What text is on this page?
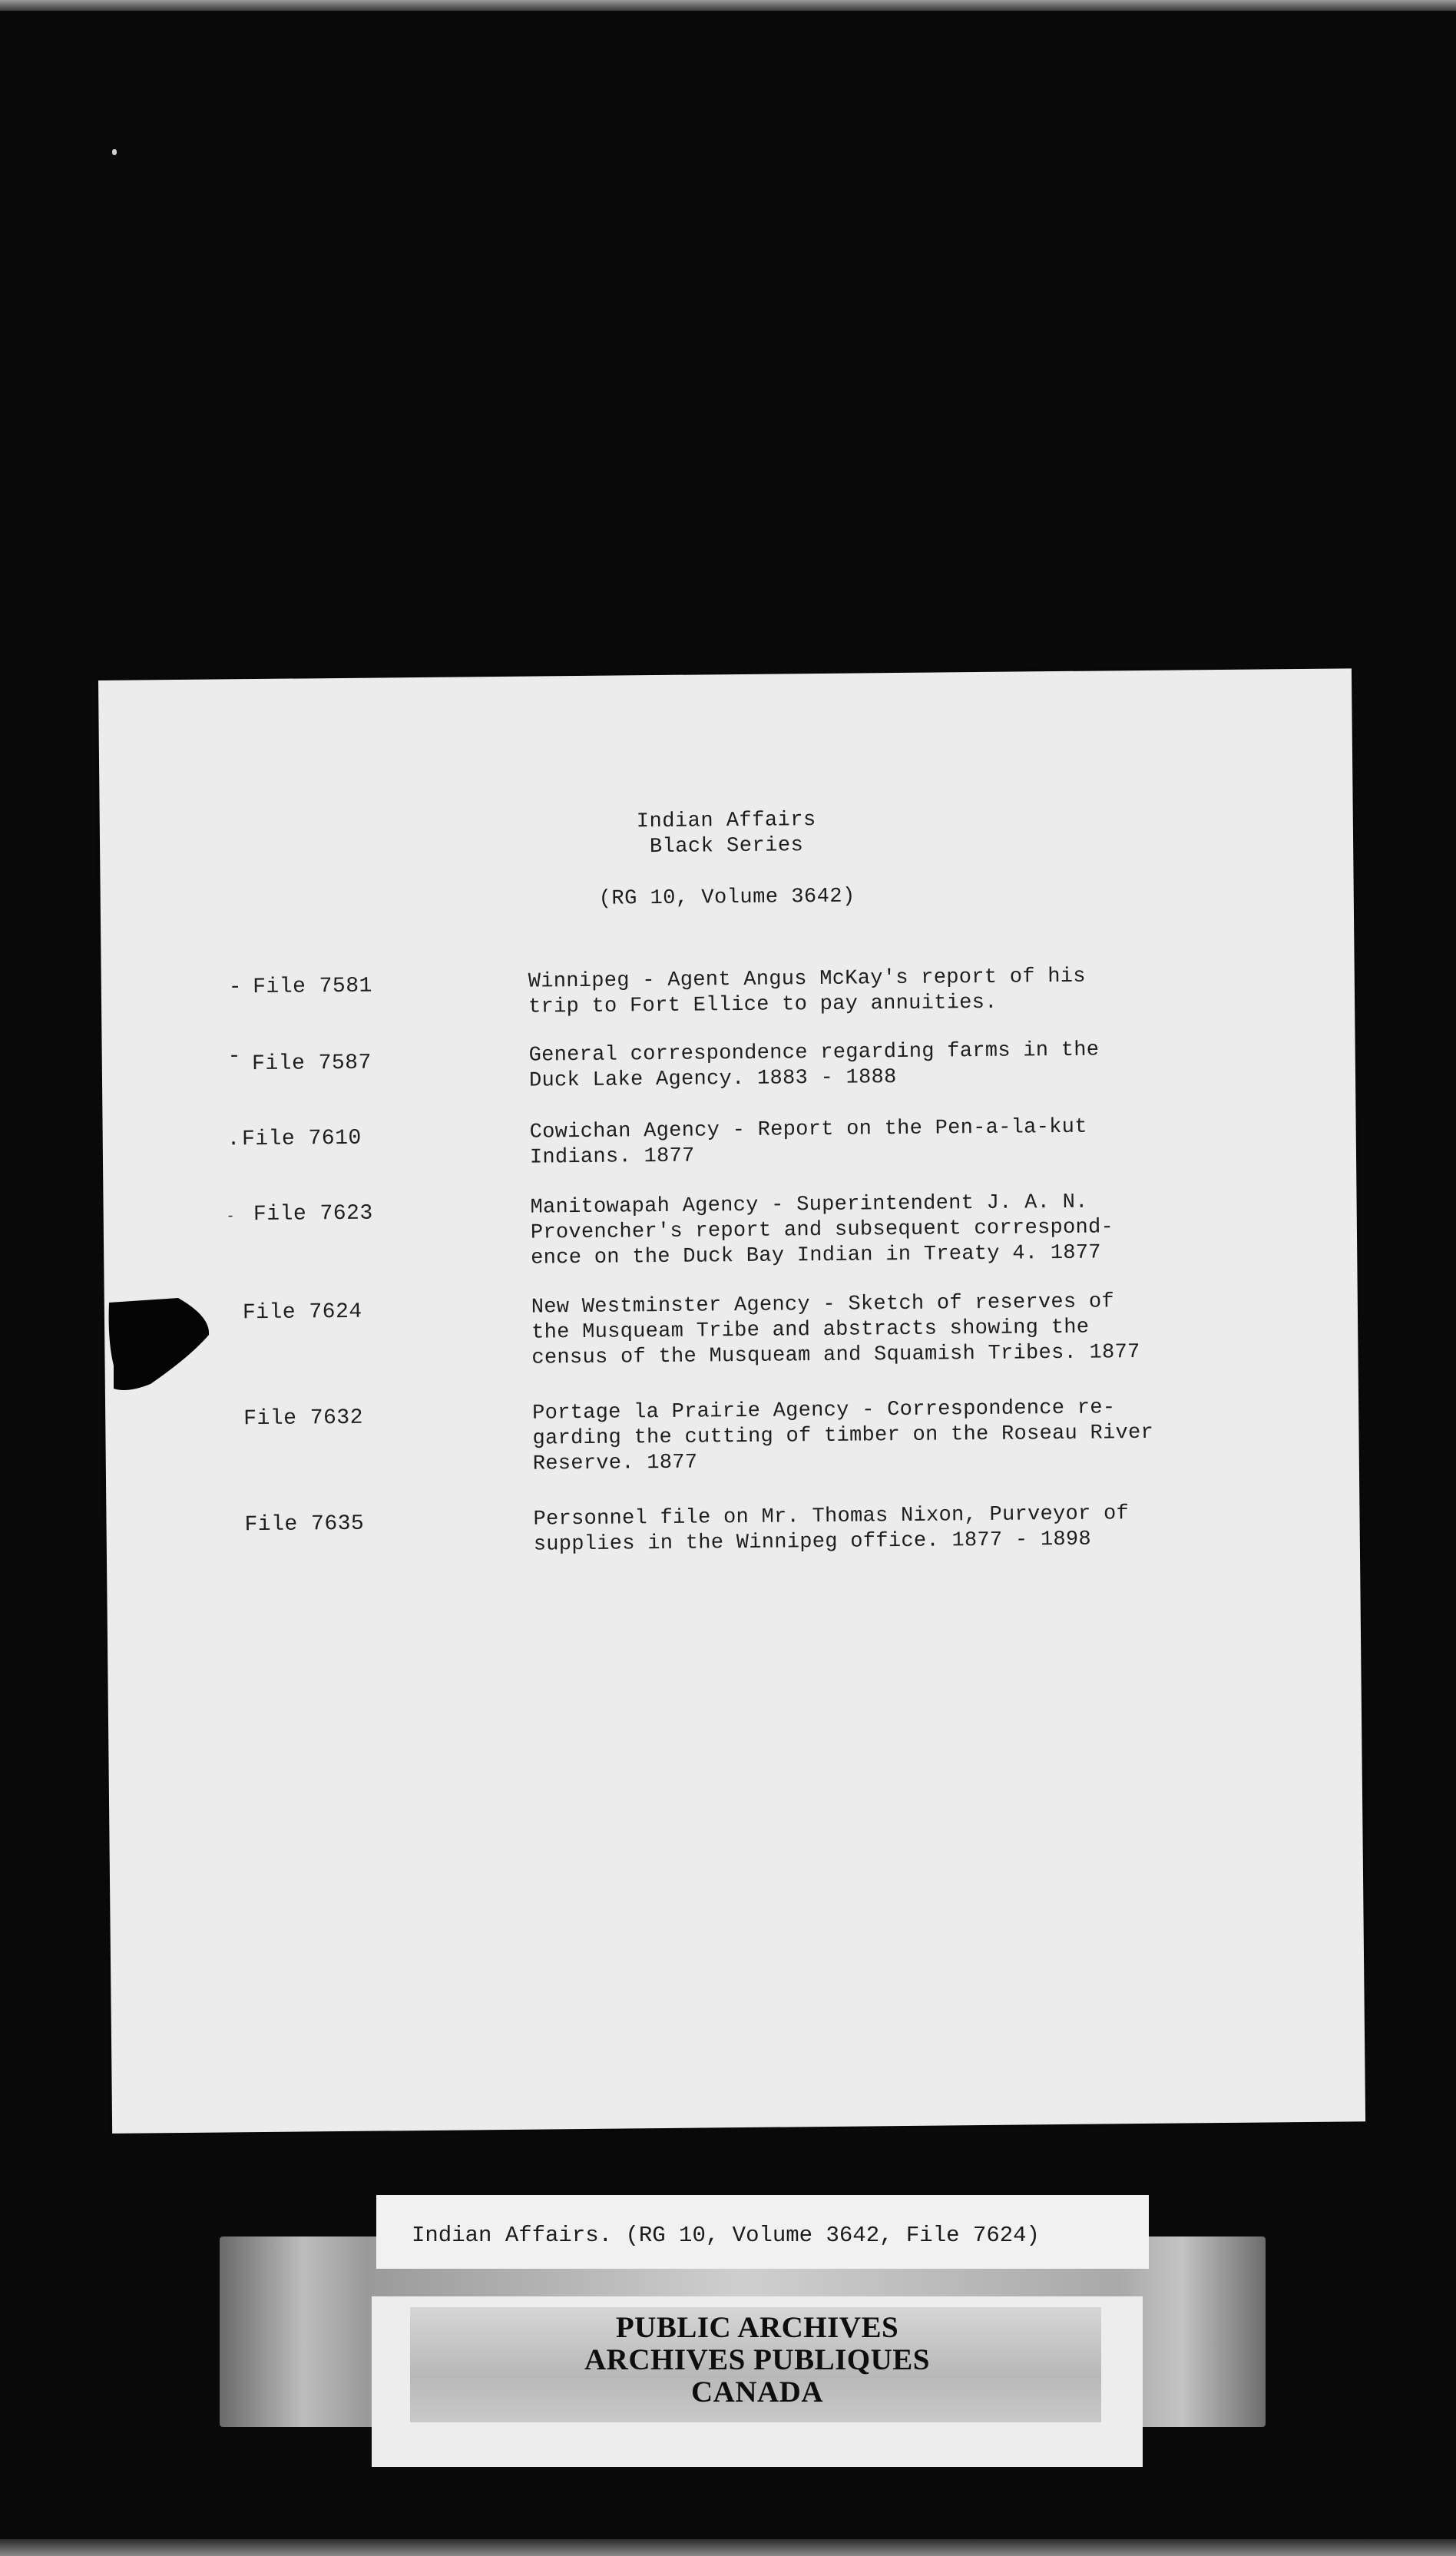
Indian Affairs
Black Series
(RG 10, Volume 3642)
- File 7581	Winnipeg - Agent Angus McKay's report of his
trip to Fort Ellice to pay annuities.
- File 7587	General correspondence regarding farms in the
Duck Lake Agency. 1883 - 1888
.File 7610	Cowichan Agency - Report on the Pen-a-la-kut
Indians. 1877
- File 7623	Manitowapah Agency - Superintendent J. A. N.
Provencher's report and subsequent correspond-
ence on the Duck Bay Indian in Treaty 4. 1877
File 7624	New Westminster Agency - Sketch of reserves of
the Musqueam Tribe and abstracts showing the
census of the Musqueam and Squamish Tribes. 1877
File 7632	Portage la Prairie Agency - Correspondence re-
garding the cutting of timber on the Roseau River
Reserve. 1877
File 7635	Personnel file on Mr. Thomas Nixon, Purveyor of
supplies in the Winnipeg office. 1877 - 1898
Indian Affairs. (RG 10, Volume 3642, File 7624)
PUBLIC ARCHIVES
ARCHIVES PUBLIQUES
CANADA
